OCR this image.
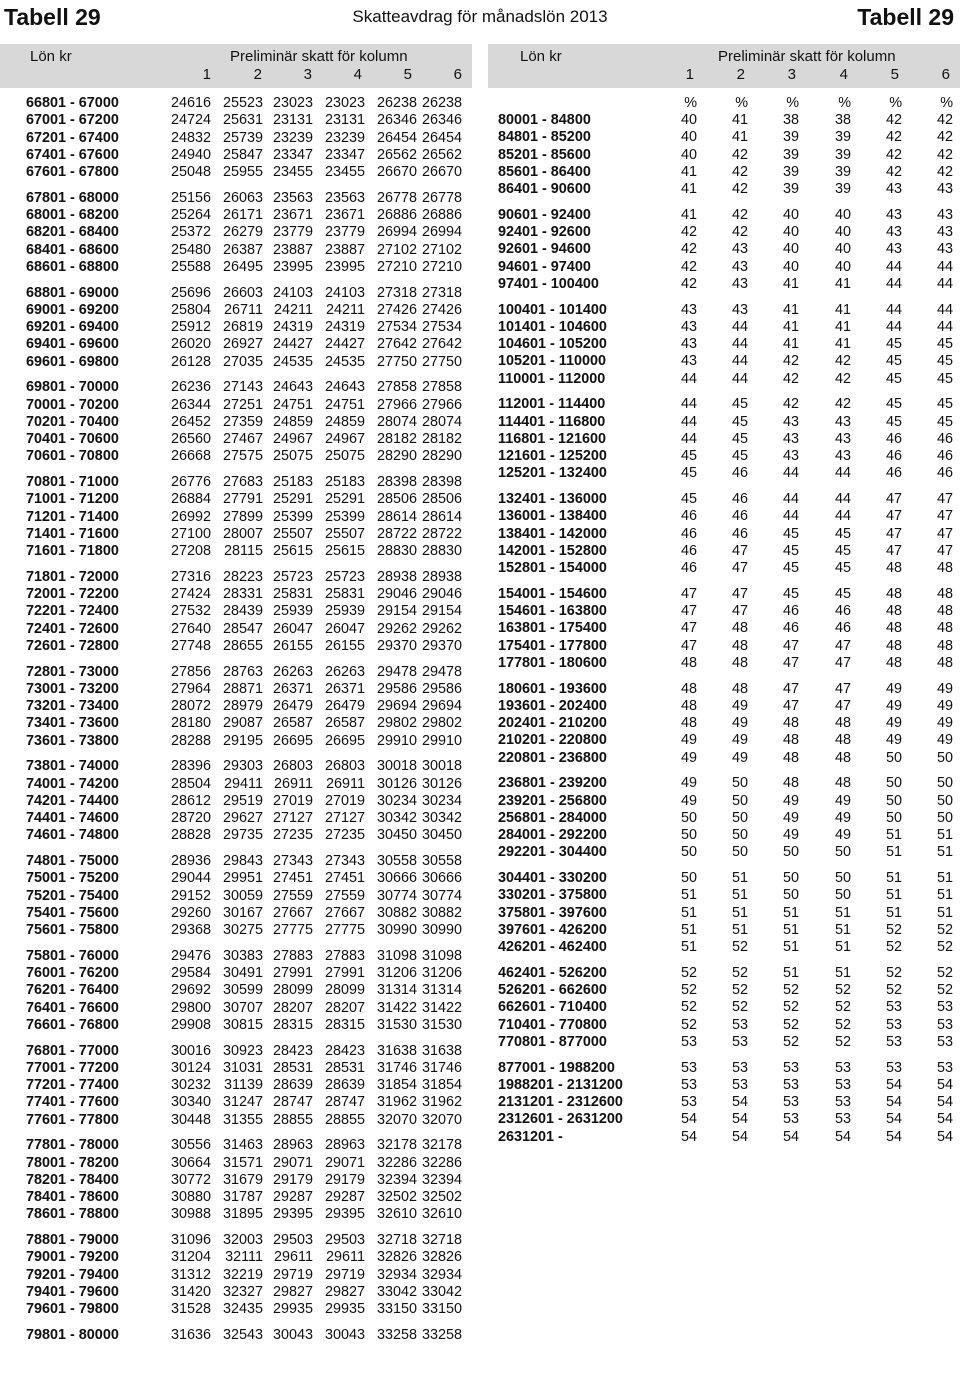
Tabell 29	Skatteavdrag för månadslön 2013	Tabell 29
Lön kr	Preliminär skatt för kolumn	Lön kr	Preliminär skatt för kolumn
1	2	3	4	5	6	1	2	3	4	5	6
66801 - 67000	24616 25523 23023 23023 26238 26238
67001 - 67200	24724 25631 23131 23131 26346 26346
67201 - 67400	24832 25739 23239 23239 26454 26454
67401 - 67600	24940 25847 23347 23347 26562 26562
67601 - 67800	25048 25955 23455 23455 26670 26670
67801 - 68000	25156 26063 23563 23563 26778 26778
68001 - 68200	25264 26171 23671 23671 26886 26886
68201 - 68400	25372 26279 23779 23779 26994 26994
68401 - 68600	25480 26387 23887 23887 27102 27102
68601 - 68800	25588 26495 23995 23995 27210 27210
68801 - 69000	25696 26603 24103 24103 27318 27318
69001 - 69200	25804 26711 24211 24211 27426 27426
69201 - 69400	25912 26819 24319 24319 27534 27534
69401 - 69600	26020 26927 24427 24427 27642 27642
69601 - 69800	26128 27035 24535 24535 27750 27750
69801 - 70000	26236 27143 24643 24643 27858 27858
70001 - 70200	26344 27251 24751 24751 27966 27966
70201 - 70400	26452 27359 24859 24859 28074 28074
70401 - 70600	26560 27467 24967 24967 28182 28182
70601 - 70800	26668 27575 25075 25075 28290 28290
70801 - 71000	26776 27683 25183 25183 28398 28398
71001 - 71200	26884 27791 25291 25291 28506 28506
71201 - 71400	26992 27899 25399 25399 28614 28614
71401 - 71600	27100 28007 25507 25507 28722 28722
71601 - 71800	27208 28115 25615 25615 28830 28830
71801 - 72000	27316 28223 25723 25723 28938 28938
72001 - 72200	27424 28331 25831 25831 29046 29046
72201 - 72400	27532 28439 25939 25939 29154 29154
72401 - 72600	27640 28547 26047 26047 29262 29262
72601 - 72800	27748 28655 26155 26155 29370 29370
72801 - 73000	27856 28763 26263 26263 29478 29478
73001 - 73200	27964 28871 26371 26371 29586 29586
73201 - 73400	28072 28979 26479 26479 29694 29694
73401 - 73600	28180 29087 26587 26587 29802 29802
73601 - 73800	28288 29195 26695 26695 29910 29910
73801 - 74000	28396 29303 26803 26803 30018 30018
74001 - 74200	28504 29411 26911 26911 30126 30126
74201 - 74400	28612 29519 27019 27019 30234 30234
74401 - 74600	28720 29627 27127 27127 30342 30342
74601 - 74800	28828 29735 27235 27235 30450 30450
74801 - 75000	28936 29843 27343 27343 30558 30558
75001 - 75200	29044 29951 27451 27451 30666 30666
75201 - 75400	29152 30059 27559 27559 30774 30774
75401 - 75600	29260 30167 27667 27667 30882 30882
75601 - 75800	29368 30275 27775 27775 30990 30990
75801 - 76000	29476 30383 27883 27883 31098 31098
76001 - 76200	29584 30491 27991 27991 31206 31206
76201 - 76400	29692 30599 28099 28099 31314 31314
76401 - 76600	29800 30707 28207 28207 31422 31422
76601 - 76800	29908 30815 28315 28315 31530 31530
76801 - 77000	30016 30923 28423 28423 31638 31638
77001 - 77200	30124 31031 28531 28531 31746 31746
77201 - 77400	30232 31139 28639 28639 31854 31854
77401 - 77600	30340 31247 28747 28747 31962 31962
77601 - 77800	30448 31355 28855 28855 32070 32070
77801 - 78000	30556 31463 28963 28963 32178 32178
78001 - 78200	30664 31571 29071 29071 32286 32286
78201 - 78400	30772 31679 29179 29179 32394 32394
78401 - 78600	30880 31787 29287 29287 32502 32502
78601 - 78800	30988 31895 29395 29395 32610 32610
78801 - 79000	31096 32003 29503 29503 32718 32718
79001 - 79200	31204 32111 29611 29611 32826 32826
79201 - 79400	31312 32219 29719 29719 32934 32934
79401 - 79600	31420 32327 29827 29827 33042 33042
79601 - 79800	31528 32435 29935 29935 33150 33150
79801 - 80000	31636 32543 30043 30043 33258 33258
%	%	%	%	%	%
80001 - 84800	40	41	38	38	42	42
84801 - 85200	40	41	39	39	42	42
85201 - 85600	40	42	39	39	42	42
85601 - 86400	41	42	39	39	42	42
86401 - 90600	41	42	39	39	43	43
90601 - 92400	41	42	40	40	43	43
92401 - 92600	42	42	40	40	43	43
92601 - 94600	42	43	40	40	43	43
94601 - 97400	42	43	40	40	44	44
97401 - 100400	42	43	41	41	44	44
100401 - 101400	43	43	41	41	44	44
101401 - 104600	43	44	41	41	44	44
104601 - 105200	43	44	41	41	45	45
105201 - 110000	43	44	42	42	45	45
110001 - 112000	44	44	42	42	45	45
112001 - 114400	44	45	42	42	45	45
114401 - 116800	44	45	43	43	45	45
116801 - 121600	44	45	43	43	46	46
121601 - 125200	45	45	43	43	46	46
125201 - 132400	45	46	44	44	46	46
132401 - 136000	45	46	44	44	47	47
136001 - 138400	46	46	44	44	47	47
138401 - 142000	46	46	45	45	47	47
142001 - 152800	46	47	45	45	47	47
152801 - 154000	46	47	45	45	48	48
154001 - 154600	47	47	45	45	48	48
154601 - 163800	47	47	46	46	48	48
163801 - 175400	47	48	46	46	48	48
175401 - 177800	47	48	47	47	48	48
177801 - 180600	48	48	47	47	48	48
180601 - 193600	48	48	47	47	49	49
193601 - 202400	48	49	47	47	49	49
202401 - 210200	48	49	48	48	49	49
210201 - 220800	49	49	48	48	49	49
220801 - 236800	49	49	48	48	50	50
236801 - 239200	49	50	48	48	50	50
239201 - 256800	49	50	49	49	50	50
256801 - 284000	50	50	49	49	50	50
284001 - 292200	50	50	49	49	51	51
292201 - 304400	50	50	50	50	51	51
304401 - 330200	50	51	50	50	51	51
330201 - 375800	51	51	50	50	51	51
375801 - 397600	51	51	51	51	51	51
397601 - 426200	51	51	51	51	52	52
426201 - 462400	51	52	51	51	52	52
462401 - 526200	52	52	51	51	52	52
526201 - 662600	52	52	52	52	52	52
662601 - 710400	52	52	52	52	53	53
710401 - 770800	52	53	52	52	53	53
770801 - 877000	53	53	52	52	53	53
877001 - 1988200	53	53	53	53	53	53
1988201 - 2131200	53	53	53	53	54	54
2131201 - 2312600	53	54	53	53	54	54
2312601 - 2631200	54	54	53	53	54	54
2631201 -	54	54	54	54	54	54
